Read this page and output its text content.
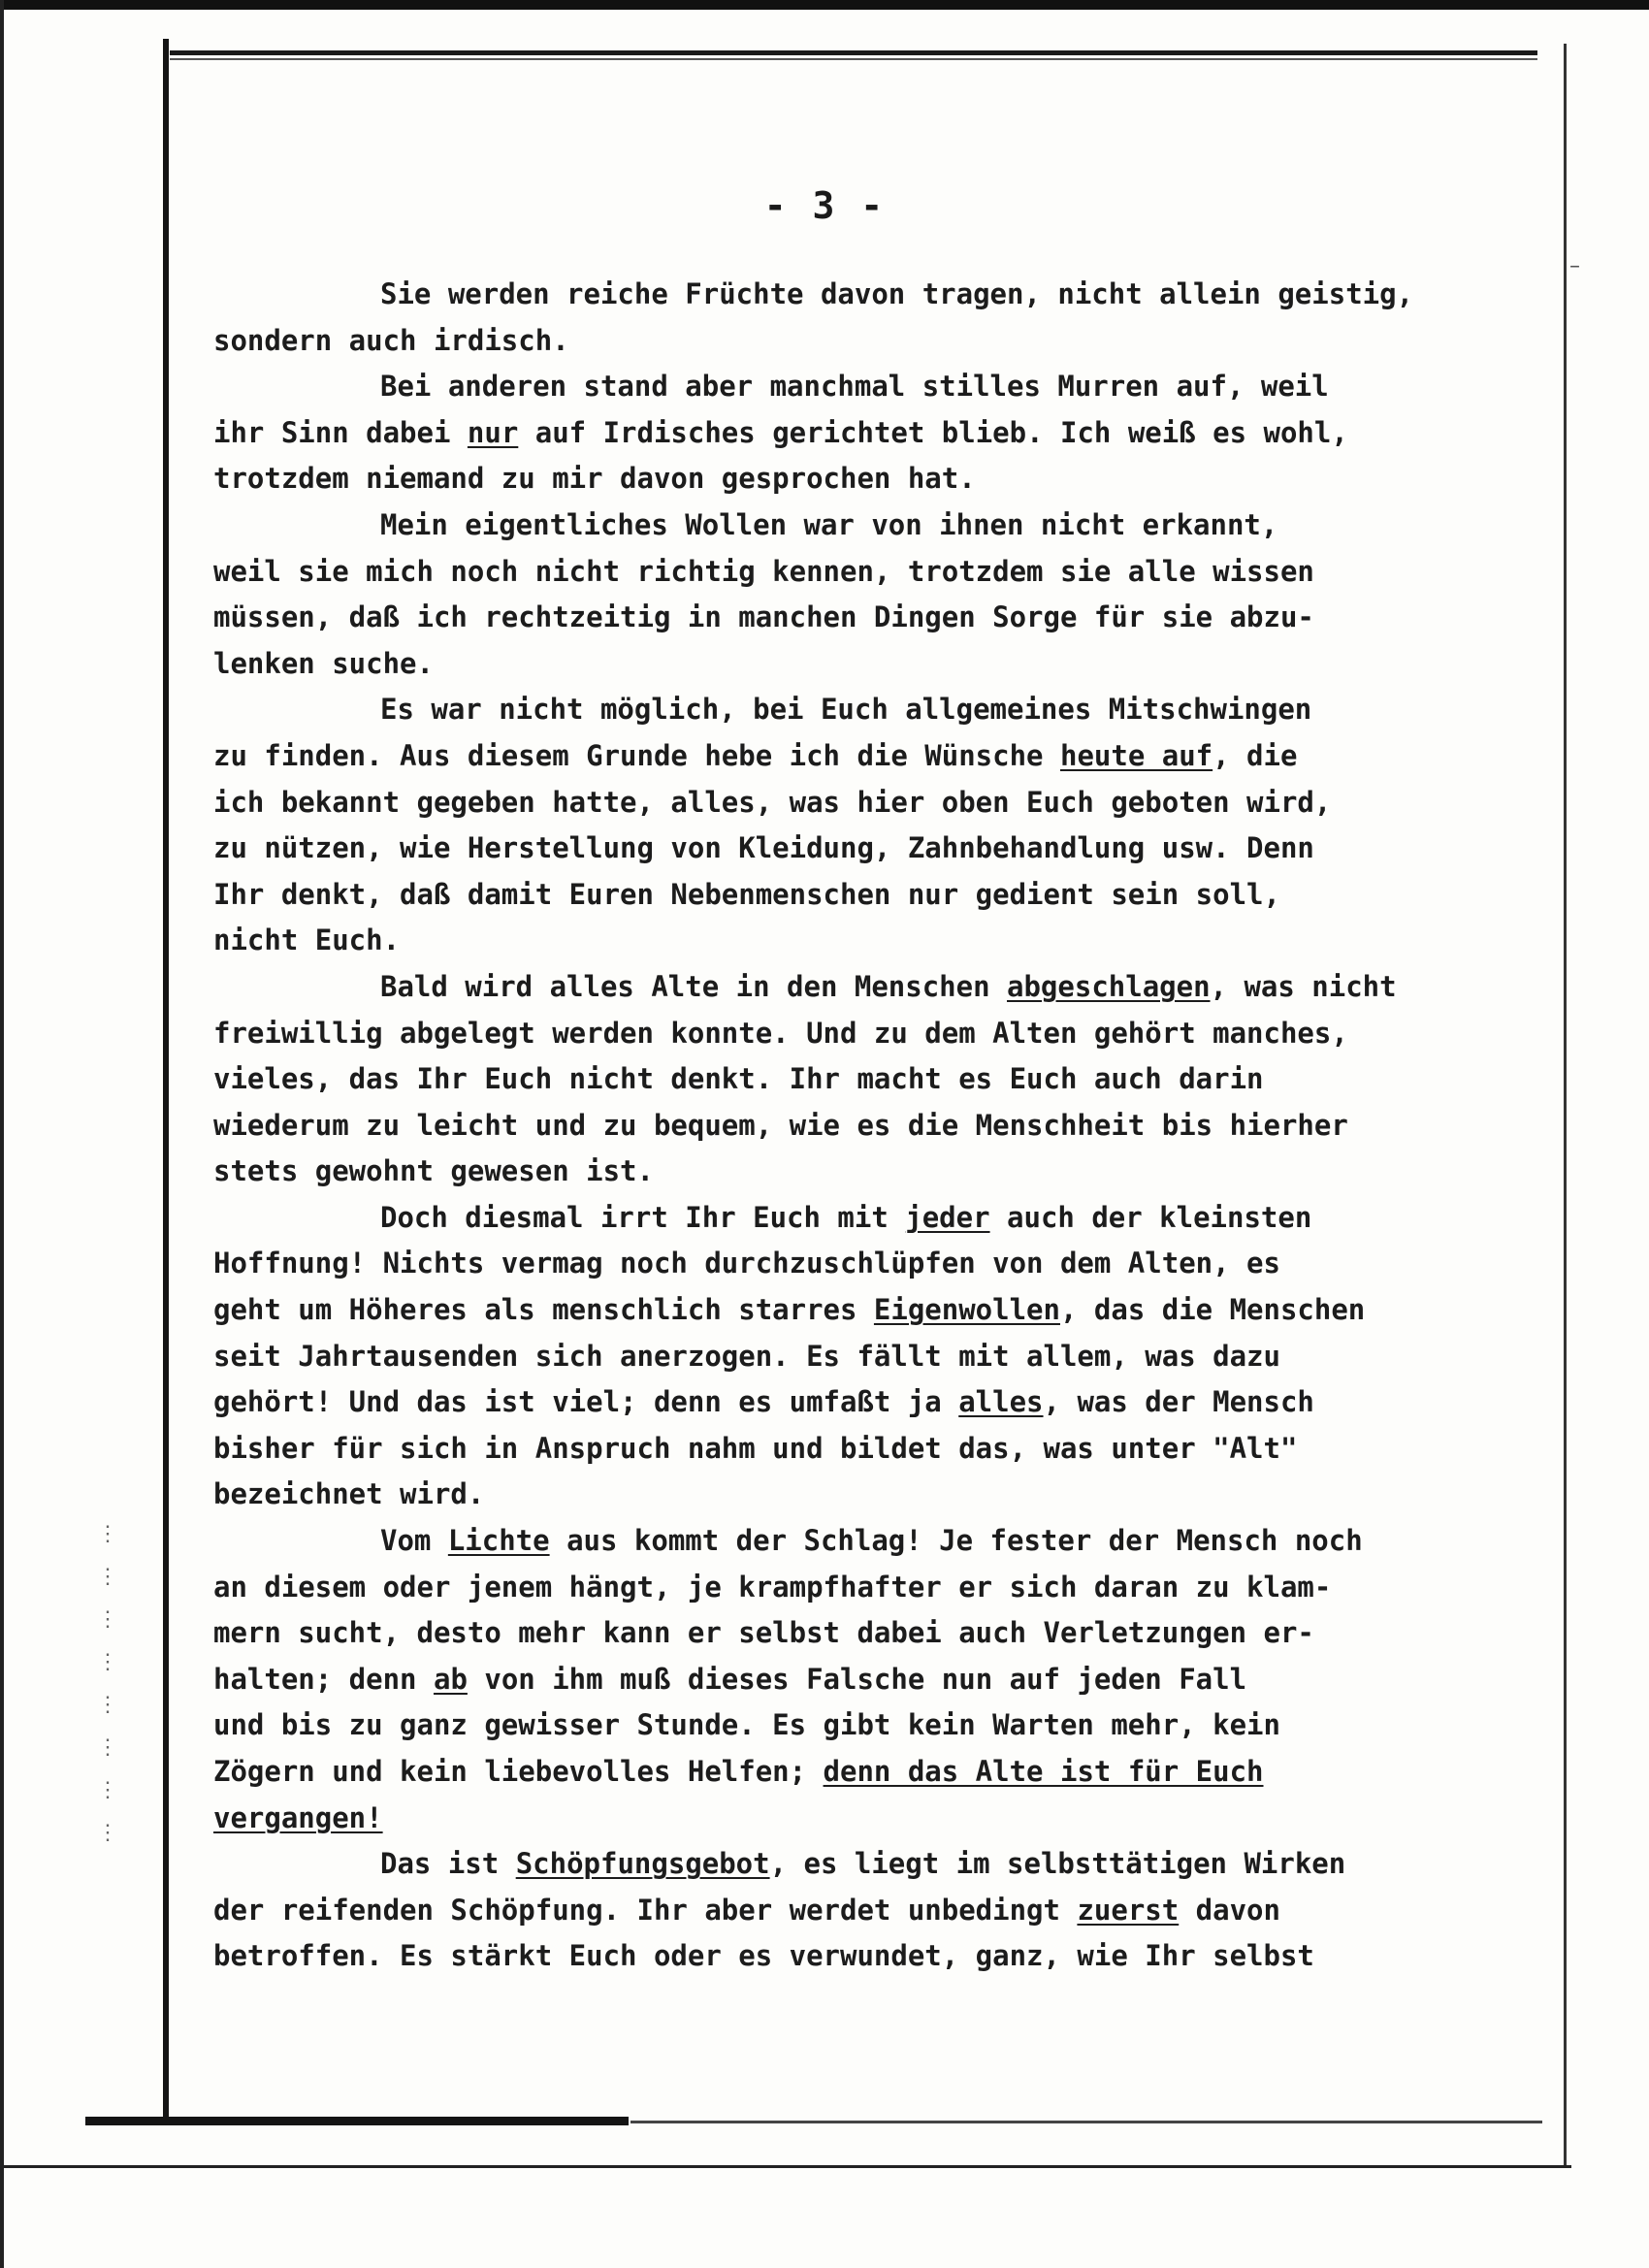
⋮
⋮
⋮
⋮
⋮
⋮
⋮
⋮
–
- 3 -
Sie werden reiche Früchte davon tragen, nicht allein geistig,
sondern auch irdisch.
Bei anderen stand aber manchmal stilles Murren auf, weil
ihr Sinn dabei nur auf Irdisches gerichtet blieb. Ich weiß es wohl,
trotzdem niemand zu mir davon gesprochen hat.
Mein eigentliches Wollen war von ihnen nicht erkannt,
weil sie mich noch nicht richtig kennen, trotzdem sie alle wissen
müssen, daß ich rechtzeitig in manchen Dingen Sorge für sie abzu-
lenken suche.
Es war nicht möglich, bei Euch allgemeines Mitschwingen
zu finden. Aus diesem Grunde hebe ich die Wünsche heute auf, die
ich bekannt gegeben hatte, alles, was hier oben Euch geboten wird,
zu nützen, wie Herstellung von Kleidung, Zahnbehandlung usw. Denn
Ihr denkt, daß damit Euren Nebenmenschen nur gedient sein soll,
nicht Euch.
Bald wird alles Alte in den Menschen abgeschlagen, was nicht
freiwillig abgelegt werden konnte. Und zu dem Alten gehört manches,
vieles, das Ihr Euch nicht denkt. Ihr macht es Euch auch darin
wiederum zu leicht und zu bequem, wie es die Menschheit bis hierher
stets gewohnt gewesen ist.
Doch diesmal irrt Ihr Euch mit jeder auch der kleinsten
Hoffnung! Nichts vermag noch durchzuschlüpfen von dem Alten, es
geht um Höheres als menschlich starres Eigenwollen, das die Menschen
seit Jahrtausenden sich anerzogen. Es fällt mit allem, was dazu
gehört! Und das ist viel; denn es umfaßt ja alles, was der Mensch
bisher für sich in Anspruch nahm und bildet das, was unter "Alt"
bezeichnet wird.
Vom Lichte aus kommt der Schlag! Je fester der Mensch noch
an diesem oder jenem hängt, je krampfhafter er sich daran zu klam-
mern sucht, desto mehr kann er selbst dabei auch Verletzungen er-
halten; denn ab von ihm muß dieses Falsche nun auf jeden Fall
und bis zu ganz gewisser Stunde. Es gibt kein Warten mehr, kein
Zögern und kein liebevolles Helfen; denn das Alte ist für Euch
vergangen!
Das ist Schöpfungsgebot, es liegt im selbsttätigen Wirken
der reifenden Schöpfung. Ihr aber werdet unbedingt zuerst davon
betroffen. Es stärkt Euch oder es verwundet, ganz, wie Ihr selbst
